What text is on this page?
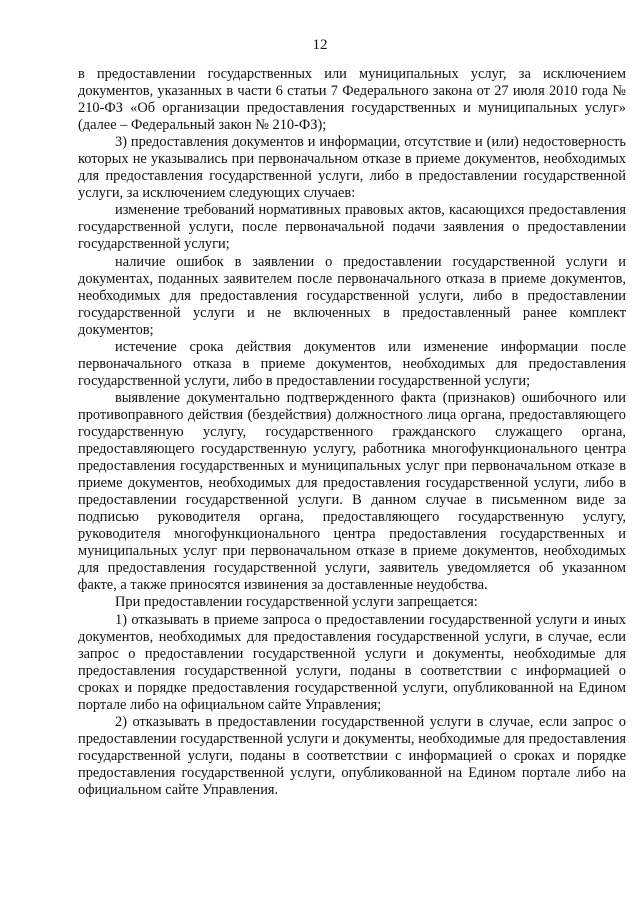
12

в предоставлении государственных или муниципальных услуг, за исключением документов, указанных в части 6 статьи 7 Федерального закона от 27 июля 2010 года № 210-ФЗ «Об организации предоставления государственных и муниципальных услуг» (далее – Федеральный закон № 210-ФЗ);

3) предоставления документов и информации, отсутствие и (или) недостоверность которых не указывались при первоначальном отказе в приеме документов, необходимых для предоставления государственной услуги, либо в предоставлении государственной услуги, за исключением следующих случаев:

изменение требований нормативных правовых актов, касающихся предоставления государственной услуги, после первоначальной подачи заявления о предоставлении государственной услуги;

наличие ошибок в заявлении о предоставлении государственной услуги и документах, поданных заявителем после первоначального отказа в приеме документов, необходимых для предоставления государственной услуги, либо в предоставлении государственной услуги и не включенных в предоставленный ранее комплект документов;

истечение срока действия документов или изменение информации после первоначального отказа в приеме документов, необходимых для предоставления государственной услуги, либо в предоставлении государственной услуги;

выявление документально подтвержденного факта (признаков) ошибочного или противоправного действия (бездействия) должностного лица органа, предоставляющего государственную услугу, государственного гражданского служащего органа, предоставляющего государственную услугу, работника многофункционального центра предоставления государственных и муниципальных услуг при первоначальном отказе в приеме документов, необходимых для предоставления государственной услуги, либо в предоставлении государственной услуги. В данном случае в письменном виде за подписью руководителя органа, предоставляющего государственную услугу, руководителя многофункционального центра предоставления государственных и муниципальных услуг при первоначальном отказе в приеме документов, необходимых для предоставления государственной услуги, заявитель уведомляется об указанном факте, а также приносятся извинения за доставленные неудобства.

При предоставлении государственной услуги запрещается:

1) отказывать в приеме запроса о предоставлении государственной услуги и иных документов, необходимых для предоставления государственной услуги, в случае, если запрос о предоставлении государственной услуги и документы, необходимые для предоставления государственной услуги, поданы в соответствии с информацией о сроках и порядке предоставления государственной услуги, опубликованной на Едином портале либо на официальном сайте Управления;

2) отказывать в предоставлении государственной услуги в случае, если запрос о предоставлении государственной услуги и документы, необходимые для предоставления государственной услуги, поданы в соответствии с информацией о сроках и порядке предоставления государственной услуги, опубликованной на Едином портале либо на официальном сайте Управления.
